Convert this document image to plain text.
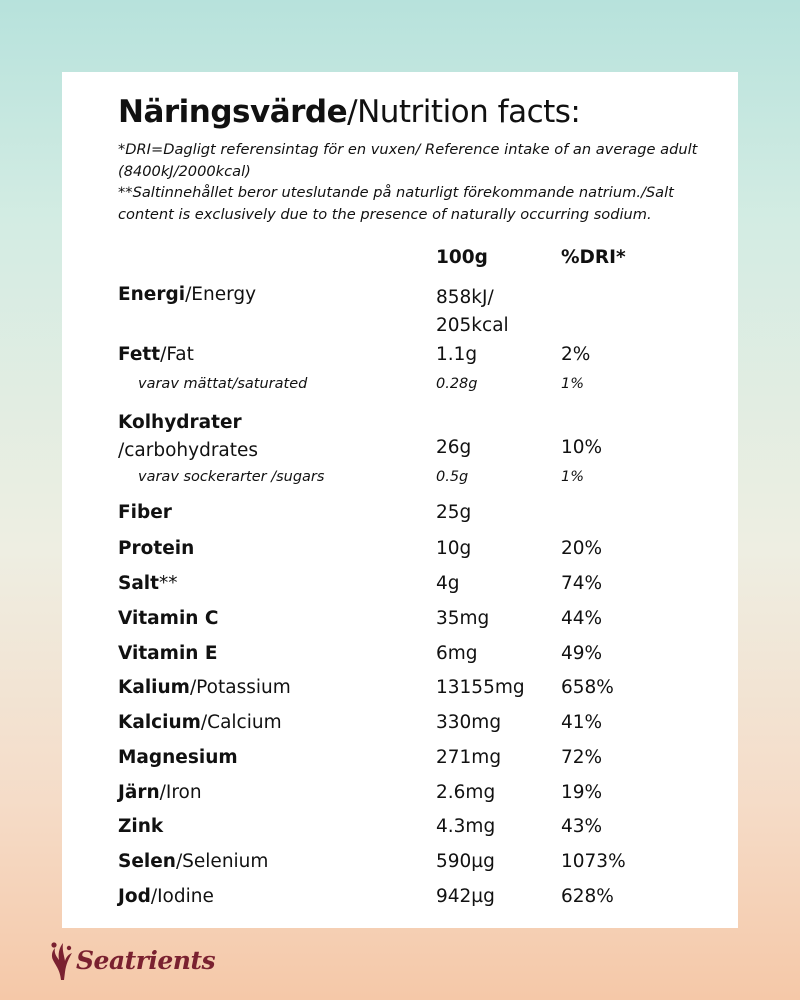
Näringsvärde/Nutrition facts:

*DRI=Dagligt referensintag för en vuxen/ Reference intake of an average adult (8400kJ/2000kcal)

**Saltinnehållet beror uteslutande på naturligt förekommande natrium./Salt content is exclusively due to the presence of naturally occurring sodium.

100g	%DRI*
Energi/Energy	858kJ/
205kcal
Fett/Fat	1.1g	2%
varav mättat/saturated	0.28g	1%
Kolhydrater
/carbohydrates	26g	10%
varav sockerarter /sugars	0.5g	1%
Fiber	25g
Protein	10g	20%
Salt**	4g	74%
Vitamin C	35mg	44%
Vitamin E	6mg	49%
Kalium/Potassium	13155mg 658%
Kalcium/Calcium	330mg	41%
Magnesium	271mg	72%
Järn/Iron	2.6mg	19%
Zink	4.3mg	43%
Selen/Selenium	590µg	1073%
Jod/Iodine	942µg	628%
Seatrients
